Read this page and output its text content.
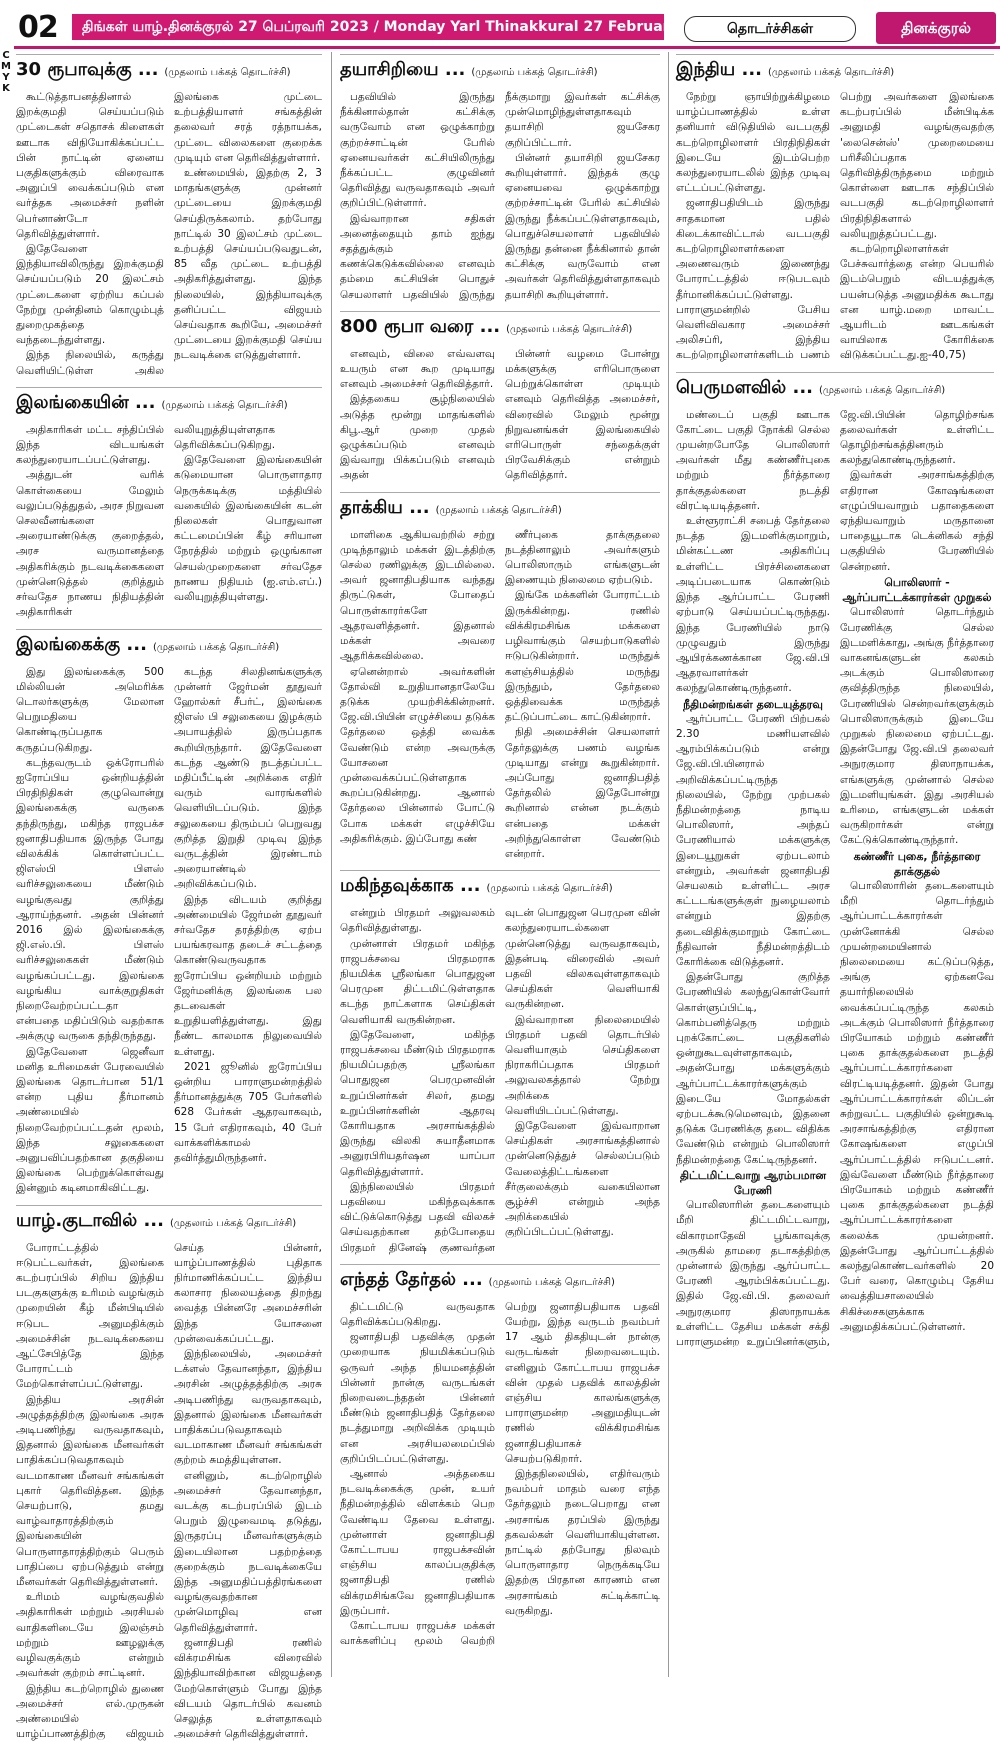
C
M
Y
K
02	திங்கள் யாழ்.தினக்குரல் 27 பெப்ரவரி 2023 / Monday Yarl Thinakkural 27 February 2023 தொடர்ச்சிகள்	தினக்குரல்
30 ரூபாவுக்கு ... (முதலாம் பக்கத் தொடர்ச்சி)

கூட்டுத்தாபனத்தினால் இறக்குமதி செய்யப்படும் முட்டைகள் சதொசக் கிளைகள் ஊடாக விநியோகிக்கப்பட்ட பின் நாட்டின் ஏனைய பகுதிகளுக்கும் விரைவாக அனுப்பி வைக்கப்படும் என வர்த்தக அமைச்சர் நளின் பெர்னாண்டோ தெரிவித்துள்ளார்.

இதேவேளை இந்தியாவிலிருந்து இறக்குமதி செய்யப்படும் 20 இலட்சம் முட்டைகளை ஏற்றிய கப்பல் நேற்று முன்தினம் கொழும்புத் துறைமுகத்தை வந்தடைந்துள்ளது.

இந்த நிலையில், கருத்து வெளியிட்டுள்ள அகில இலங்கை முட்டை உற்பத்தியாளர் சங்கத்தின் தலைவர் சரத் ரத்நாயக்க, முட்டை விலைகளை குறைக்க முடியும் என தெரிவித்துள்ளார்.

உண்மையில், இதற்கு 2, 3 மாதங்களுக்கு முன்னர் முட்டையை இறக்குமதி செய்திருக்கலாம். தற்போது நாட்டில் 30 இலட்சம் முட்டை உற்பத்தி செய்யப்படுவதுடன், 85 வீத முட்டை உற்பத்தி அதிகரித்துள்ளது. இந்த நிலையில், இந்தியாவுக்கு தனிப்பட்ட விஜயம் செய்வதாக கூறியே, அமைச்சர் முட்டையை இறக்குமதி செய்ய நடவடிக்கை எடுத்துள்ளார்.

இலங்கையின் ... (முதலாம் பக்கத் தொடர்ச்சி)

அதிகாரிகள் மட்ட சந்திப்பில் இந்த விடயங்கள் கலந்துரையாடப்பட்டுள்ளது.

அத்துடன் வரிக் கொள்கையை மேலும் வலுப்படுத்துதல், அரச நிறுவன செலவீனங்களை அரையாண்டுக்கு குறைத்தல், அரச வருமானத்தை அதிகரிக்கும் நடவடிக்கைகளை முன்னெடுத்தல் குறித்தும் சர்வதேச நாணய நிதியத்தின் அதிகாரிகள் வலியுறுத்தியுள்ளதாக தெரிவிக்கப்படுகிறது.

இதேவேளை இலங்கையின் கடுமையான பொருளாதார நெருக்கடிக்கு மத்தியில் வகையில் இலங்கையின் கடன் நிலைகள் பொதுவான கட்டமைப்பின் கீழ் சரியான நேரத்தில் மற்றும் ஒழுங்கான செயல்முறைகளை சர்வதேச நாணய நிதியம் (ஐ.எம்.எப்.) வலியுறுத்தியுள்ளது.

இலங்கைக்கு ... (முதலாம் பக்கத் தொடர்ச்சி)

இது இலங்கைக்கு 500 மில்லியன் அமெரிக்க டொலர்களுக்கு மேலான பெறுமதியை கொண்டிருப்பதாக கருதப்படுகிறது.

கடந்தவருடம் ஒக்ரோபரில் ஐரோப்பிய ஒன்றியத்தின் பிரதிநிதிகள் குழுவொன்று இலங்கைக்கு வருகை தந்திருந்து, மகிந்த ராஜபக்ச ஜனாதிபதியாக இருந்த போது விலக்கிக் கொள்ளப்பட்ட ஜிஎஸ்பி பிளஸ் வரிச்சலுகையை மீண்டும் வழங்குவது குறித்து ஆராய்ந்தனர். அதன் பின்னர் 2016 இல் இலங்கைக்கு ஜி.எஸ்.பி. பிளஸ் வரிச்சலுகைகள் மீண்டும் வழங்கப்பட்டது. இலங்கை வழங்கிய வாக்குறுதிகள் நிறைவேற்றப்பட்டதா என்பதை மதிப்பிடும் வதற்காக அக்குழு வருகை தந்திருந்தது.

இதேவேளை ஜெனீவா மனித உரிமைகள் பேரவையில் இலங்கை தொடர்பான 51/1 என்ற புதிய தீர்மானம் அண்மையில் நிறைவேற்றப்பட்டதன் மூலம், இந்த சலுகைகளை அனுபவிப்பதற்கான தகுதியை இலங்கை பெற்றுக்கொள்வது இன்னும் கடினமாகிவிட்டது.

கடந்த சிலதினங்களுக்கு முன்னர் ஜேர்மன் தூதுவர் ஹோல்கர் சீபர்ட், இலங்கை ஜிஎஸ் பி சலுகையை இழக்கும் அபாயத்தில் இருப்பதாக கூறியிருந்தார். இதேவேளை கடந்த ஆண்டு நடத்தப்பட்ட மதிப்பீட்டின் அறிக்கை எதிர் வரும் வாரங்களில் வெளியிடப்படும். இந்த சலுகையை திரும்பப் பெறுவது குறித்த இறுதி முடிவு இந்த வருடத்தின் இரண்டாம் அரையாண்டில் அறிவிக்கப்படும்.

இந்த விடயம் குறித்து அண்மையில் ஜேர்மன் தூதுவர் சர்வதேச தரத்திற்கு ஏற்ப பயங்கரவாத தடைச் சட்டத்தை கொண்டுவருவதாக ஐரோப்பிய ஒன்றியம் மற்றும் ஜேர்மனிக்கு இலங்கை பல தடவைகள் உறுதியளித்துள்ளது. இது நீண்ட காலமாக நிலுவையில் உள்ளது.

2021 ஜூனில் ஐரோப்பிய ஒன்றிய பாராளுமன்றத்தில் தீர்மானத்துக்கு 705 பேர்களில் 628 பேர்கள் ஆதரவாகவும், 15 பேர் எதிராகவும், 40 பேர் வாக்களிக்காமல் தவிர்த்துமிருந்தனர்.

யாழ்.குடாவில் ... (முதலாம் பக்கத் தொடர்ச்சி)

போராட்டத்தில் ஈடுபட்டவர்கள், இலங்கை கடற்பரப்பில் சிறிய இந்திய படகுகளுக்கு உரிமம் வழங்கும் முறையின் கீழ் மீன்பிடியில் ஈடுபட அனுமதிக்கும் அமைச்சின் நடவடிக்கையை ஆட்சேபித்தே இந்த போராட்டம் மேற்கொள்ளப்பட்டுள்ளது.

இந்திய அரசின் அழுத்தத்திற்கு இலங்கை அரசு அடிபணிந்து வருவதாகவும், இதனால் இலங்கை மீனவர்கள் பாதிக்கப்படுவதாகவும் வடமாகாண மீனவர் சங்கங்கள் புகார் தெரிவித்தன. இந்த செயற்பாடு, தமது வாழ்வாதாரத்திற்கும் இலங்கையின் பொருளாதாரத்திற்கும் பெரும் பாதிப்பை ஏற்படுத்தும் என்று மீனவர்கள் தெரிவித்துள்ளனர்.

உரிமம் வழங்குவதில் அதிகாரிகள் மற்றும் அரசியல் வாதிகளிடையே இலஞ்சம் மற்றும் ஊழலுக்கு வழிவகுக்கும் என்றும் அவர்கள் குற்றம் சாட்டினர்.

இந்திய கடற்றொழில் துணை அமைச்சர் எல்.முருகன் அண்மையில் யாழ்ப்பாணத்திற்கு விஜயம் செய்த பின்னர், யாழ்ப்பாணத்தில் புதிதாக நிர்மாணிக்கப்பட்ட இந்திய கலாசார நிலையத்தை திறந்து வைத்த பின்னரே அமைச்சரின் இந்த யோசனை முன்வைக்கப்பட்டது.

இந்நிலையில், அமைச்சர் டக்ளஸ் தேவானந்தா, இந்திய அரசின் அழுத்தத்திற்கு அரசு அடிபணிந்து வருவதாகவும், இதனால் இலங்கை மீனவர்கள் பாதிக்கப்படுவதாகவும் வடமாகாண மீனவர் சங்கங்கள் குற்றம் சுமத்தியுள்ளன.

எனினும், கடற்றொழில் அமைச்சர் தேவானந்தா, வடக்கு கடற்பரப்பில் இடம் பெறும் இழுவைமடி தடுத்து, இருதரப்பு மீனவர்களுக்கும் இடையிலான பதற்றத்தை குறைக்கும் நடவடிக்கையே இந்த அனுமதிப்பத்திரங்களை வழங்குவதற்கான முன்மொழிவு என தெரிவித்துள்ளார்.

ஜனாதிபதி ரணில் விக்ரமசிங்க விரைவில் இந்தியாவிற்கான விஜயத்தை மேற்கொள்ளும் போது இந்த விடயம் தொடர்பில் கவனம் செலுத்த உள்ளதாகவும் அமைச்சர் தெரிவித்துள்ளார்.

தயாசிறியை ... (முதலாம் பக்கத் தொடர்ச்சி)

பதவியில் இருந்து நீக்கினால்தான் கட்சிக்கு வருவோம் என ஒழுக்காற்று குற்றச்சாட்டின் பேரில் ஏனையவர்கள் கட்சியிலிருந்து நீக்கப்பட்ட குழுவினர் தெரிவித்து வருவதாகவும் அவர் குறிப்பிட்டுள்ளார்.

இவ்வாறான சதிகள் அனைத்தையும் தாம் ஐந்து சதத்துக்கும் கணக்கெடுக்கவில்லை எனவும் தம்மை கட்சியின் பொதுச் செயலாளர் பதவியில் இருந்து நீக்குமாறு இவர்கள் கட்சிக்கு முன்மொழிந்துள்ளதாகவும் தயாசிறி ஜயசேகர குறிப்பிட்டார்.

பின்னர் தயாசிறி ஜயசேகர கூறியுள்ளார். இந்தக் குழு ஏனையவை ஒழுக்காற்று குற்றச்சாட்டின் பேரில் கட்சியில் இருந்து நீக்கப்பட்டுள்ளதாகவும், பொதுச்செயலாளர் பதவியில் இருந்து தன்னை நீக்கினால் தான் கட்சிக்கு வருவோம் என அவர்கள் தெரிவித்துள்ளதாகவும் தயாசிறி கூறியுள்ளார்.

800 ரூபா வரை ... (முதலாம் பக்கத் தொடர்ச்சி)

எனவும், விலை எவ்வளவு உயரும் என கூற முடியாது எனவும் அமைச்சர் தெரிவித்தார்.

இத்தகைய சூழ்நிலையில் அடுத்த மூன்று மாதங்களில் கிபூ.ஆர் முறை முதல் ஒழுக்கப்படும் எனவும் இவ்வாறு பிக்கப்படும் எனவும் அதன்

பின்னர் வழமை போன்று மக்களுக்கு எரிபொருளை பெற்றுக்கொள்ள முடியும் எனவும் தெரிவித்த அமைச்சர், விரைவில் மேலும் மூன்று நிறுவனங்கள் இலங்கையில் எரிபொருள் சந்தைக்குள் பிரவேசிக்கும் என்றும் தெரிவித்தார்.

தாக்கிய ... (முதலாம் பக்கத் தொடர்ச்சி)

மாளிகை ஆகியவற்றில் சற்று முடிந்தாலும் மக்கள் இடத்திற்கு செல்ல ரணிலுக்கு இடமில்லை. அவர் ஜனாதிபதியாக வந்தது திருட்டுகள், போதைப் பொருள்காரர்களே ஆதரவளித்தனர். இதனால் மக்கள் அவரை ஆதரிக்கவில்லை.

ஏனென்றால் அவர்களின் தோல்வி உறுதியானதாலேயே தடுக்க முயற்சிக்கின்றனர். ஜே.வி.பியின் எழுச்சியை தடுக்க தேர்தலை ஒத்தி வைக்க வேண்டும் என்ற அவருக்கு யோசனை முன்வைக்கப்பட்டுள்ளதாக கூறப்படுகின்றது. ஆனால் தேர்தலை பின்னால் போட்டு போக மக்கள் எழுச்சியே அதிகரிக்கும். இப்போது கண்

ணீர்புகை தாக்குதலை நடத்தினாலும் அவர்களும் பொலிஸாரும் எங்களுடன் இணையும் நிலைமை ஏற்படும்.

இங்கே மக்களின் போராட்டம் இருக்கின்றது. ரணில் விக்கிரமசிங்க மக்களை பழிவாங்கும் செயற்பாடுகளில் ஈடுபடுகின்றார். மருந்துக் களஞ்சியத்தில் மருந்து இருந்தும், தேர்தலை ஒத்திவைக்க மருந்துத் தட்டுப்பாட்டை காட்டுகின்றார்.

நிதி அமைச்சின் செயலாளர் தேர்தலுக்கு பணம் வழங்க முடியாது என்று கூறுகின்றார். அப்போது ஜனாதிபதித் தேர்தலில் இதேபோன்று கூறினால் என்ன நடக்கும் என்பதை மக்கள் அறிந்துகொள்ள வேண்டும் என்றார்.

மகிந்தவுக்காக ... (முதலாம் பக்கத் தொடர்ச்சி)

என்றும் பிரதமர் அலுவலகம் தெரிவித்துள்ளது.

முன்னாள் பிரதமர் மகிந்த ராஜபக்சவை பிரதமராக நியமிக்க ஸ்ரீலங்கா பொதுஜன பெரமுன திட்டமிட்டுள்ளதாக கடந்த நாட்களாக செய்திகள் வெளியாகி வருகின்றன.

இதேவேளை, மகிந்த ராஜபக்சவை மீண்டும் பிரதமராக நியமிப்பதற்கு ஸ்ரீலங்கா பொதுஜன பெரமுனவின் உறுப்பினர்கள் சிலர், தமது உறுப்பினர்களின் ஆதரவு கோரியதாக அரசாங்கத்தில் இருந்து விலகி சுயாதீனமாக அனுரபிரியதர்ஷன யாப்பா தெரிவித்துள்ளார்.

இந்நிலையில் பிரதமர் பதவியை மகிந்தவுக்காக விட்டுக்கொடுத்து பதவி விலகச் செய்வதற்கான தற்போதைய பிரதமர் தினேஷ் குணவர்தன வுடன் பொதுஜன பெரமுன வின் கலந்துரையாடல்களை முன்னெடுத்து வருவதாகவும், இதன்படி விரைவில் அவர் பதவி விலகவுள்ளதாகவும் செய்திகள் வெளியாகி வருகின்றன.

இவ்வாறான நிலைமையில் பிரதமர் பதவி தொடர்பில் வெளியாகும் செய்திகளை நிராகரிப்பதாக பிரதமர் அலுவலகத்தால் நேற்று அறிக்கை வெளியிடப்பட்டுள்ளது.

இதேவேளை இவ்வாறான செய்திகள் அரசாங்கத்தினால் முன்னெடுத்துச் செல்லப்படும் வேலைத்திட்டங்களை சீர்குலைக்கும் வகையிலான சூழ்ச்சி என்றும் அந்த அறிக்கையில் குறிப்பிடப்பட்டுள்ளது.

எந்தத் தேர்தல் ... (முதலாம் பக்கத் தொடர்ச்சி)

திட்டமிட்டு வருவதாக தெரிவிக்கப்படுகிறது.

ஜனாதிபதி பதவிக்கு முதன் முறையாக நியமிக்கப்படும் ஒருவர் அந்த நியமனத்தின் பின்னர் நான்கு வருடங்கள் நிறைவடைந்ததன் பின்னர் மீண்டும் ஜனாதிபதித் தேர்தலை நடத்துமாறு அறிவிக்க முடியும் என அரசியலமைப்பில் குறிப்பிடப்பட்டுள்ளது.

ஆனால் அத்தகைய நடவடிக்கைக்கு முன், உயர் நீதிமன்றத்தில் விளக்கம் பெற வேண்டிய தேவை உள்ளது. முன்னாள் ஜனாதிபதி கோட்டாபய ராஜபக்சவின் எஞ்சிய காலப்பகுதிக்கு ஜனாதிபதி ரணில் விக்ரமசிங்கவே ஜனாதிபதியாக இருப்பார்.

கோட்டாபய ராஜபக்ச மக்கள் வாக்களிப்பு மூலம் வெற்றி பெற்று ஜனாதிபதியாக பதவி யேற்று, இந்த வருடம் நவம்பர் 17 ஆம் திகதியுடன் நான்கு வருடங்கள் நிறைவடையும். எனினும் கோட்டாபய ராஜபக்ச வின் முதல் பதவிக் காலத்தின் எஞ்சிய காலங்களுக்கு பாராளுமன்ற அனுமதியுடன் ரணில் விக்கிரமசிங்க ஜனாதிபதியாகச் செயற்படுகிறார்.

இந்தநிலையில், எதிர்வரும் நவம்பர் மாதம் வரை எந்த தேர்தலும் நடைபெறாது என அரசாங்க தரப்பில் இருந்து தகவல்கள் வெளியாகியுள்ளன. நாட்டில் தற்போது நிலவும் பொருளாதார நெருக்கடியே இதற்கு பிரதான காரணம் என அரசாங்கம் சுட்டிக்காட்டி வருகிறது.

இந்திய ... (முதலாம் பக்கத் தொடர்ச்சி)

நேற்று ஞாயிற்றுக்கிழமை யாழ்ப்பாணத்தில் உள்ள தனியார் விடுதியில் வடபகுதி கடற்றொழிலாளர் பிரதிநிதிகள் இடையே இடம்பெற்ற கலந்துரையாடலில் இந்த முடிவு எட்டப்பட்டுள்ளது.

ஜனாதிபதியிடம் இருந்து சாதகமான பதில் கிடைக்காவிட்டால் வடபகுதி கடற்றொழிலாளர்களை அணைவரும் இணைந்து போராட்டத்தில் ஈடுபடவும் தீர்மானிக்கப்பட்டுள்ளது. பாராளுமன்றில் பேசிய வெளிவிவகார அமைச்சர் அலிசப்ரி, இந்திய கடற்றொழிலாளர்களிடம் பணம் பெற்று அவர்களை இலங்கை கடற்பரப்பில் மீன்பிடிக்க அனுமதி வழங்குவதற்கு 'லைசென்ஸ்' முறைமையை பரிசீலிப்பதாக தெரிவித்திருந்தமை மற்றும் கொள்ளை ஊடாக சந்திப்பில் வடபகுதி கடற்றொழிலாளர் பிரதிநிதிகளால் வலியுறுத்தப்பட்டது.

கடற்றொழிலாளர்கள் பேச்சுவார்த்தை என்ற பெயரில் இடம்பெறும் விடயத்துக்கு பயன்படுத்த அனுமதிக்க கூடாது என யாழ்.மறை மாவட்ட ஆயரிடம் ஊடகங்கள் வாயிலாக கோரிக்கை விடுக்கப்பட்டது.ஐ-40,75)

பெருமளவில் ... (முதலாம் பக்கத் தொடர்ச்சி)

மண்டைப் பகுதி ஊடாக கோட்டை பகுதி நோக்கி செல்ல முயன்றபோதே பொலிஸார் அவர்கள் மீது கண்ணீர்புகை மற்றும் நீர்த்தாரை தாக்குதல்களை நடத்தி விரட்டியடித்தனர்.

உள்ளூராட்சி சபைத் தேர்தலை நடத்த இடமளிக்குமாறும், மின்கட்டண அதிகரிப்பு உள்ளிட்ட பிரச்சினைகளை அடிப்படையாக கொண்டும் இந்த ஆர்ப்பாட்ட பேரணி ஏற்பாடு செய்யப்பட்டிருந்தது. இந்த பேரணியில் நாடு முழுவதும் இருந்து ஆயிரக்கணக்கான ஜே.வி.பி ஆதரவாளர்கள் கலந்துகொண்டிருந்தனர்.

நீதிமன்றங்கள் தடையுத்தரவு

ஆர்ப்பாட்ட பேரணி பிற்பகல் 2.30 மணியளவில் ஆரம்பிக்கப்படும் என்று ஜே.வி.பி.யினரால் அறிவிக்கப்பட்டிருந்த நிலையில், நேற்று முற்பகல் நீதிமன்றத்தை நாடிய பொலிஸார், அந்தப் பேரணியால் மக்களுக்கு இடையூறுகள் ஏற்படலாம் என்றும், அவர்கள் ஜனாதிபதி செயலகம் உள்ளிட்ட அரச கட்டடங்களுக்குள் நுழையலாம் என்றும் இதற்கு தடைவிதிக்குமாறும் கோட்டை நீதிவான் நீதிமன்றத்திடம் கோரிக்கை விடுத்தனர்.

இதன்போது குறித்த பேரணியில் கலந்துகொள்வோர் கொள்ளுப்பிட்டி, கொம்பனித்தெரு மற்றும் புறக்கோட்டை பகுதிகளில் ஒன்றுகூடவுள்ளதாகவும், அதன்போது மக்களுக்கும் ஆர்ப்பாட்டக்காரர்களுக்கும் இடையே மோதல்கள் ஏற்படக்கூடுமெனவும், இதனை தடுக்க பேரணிக்கு தடை விதிக்க வேண்டும் என்றும் பொலிஸார் நீதிமன்றத்தை கேட்டிருந்தனர்.

திட்டமிட்டவாறு ஆரம்பமான பேரணி

பொலிஸாரின் தடைகளையும் மீறி திட்டமிட்டவாறு, விகாரமாதேவி பூங்காவுக்கு அருகில் தாமரை தடாகத்திற்கு முன்னால் இருந்து ஆர்ப்பாட்ட பேரணி ஆரம்பிக்கப்பட்டது. இதில் ஜே.வி.பி. தலைவர் அநுரகுமார திஸாநாயக்க உள்ளிட்ட தேசிய மக்கள் சக்தி பாராளுமன்ற உறுப்பினர்களும், ஜே.வி.பியின் தொழிற்சங்க தலைவர்கள் உள்ளிட்ட தொழிற்சங்கத்தினரும் கலந்துகொண்டிருந்தனர்.

இவர்கள் அரசாங்கத்திற்கு எதிரான கோஷங்களை எழுப்பியவாறும் பதாதைகளை ஏந்தியவாறும் மருதானை பாதையூடாக டெக்னிகல் சந்தி பகுதியில் பேரணியில் சென்றனர்.

பொலிஸார் - ஆர்ப்பாட்டக்காரர்கள் முறுகல்

பொலிஸார் தொடர்ந்தும் பேரணிக்கு செல்ல இடமளிக்காது, அங்கு நீர்த்தாரை வாகனங்களுடன் கலகம் அடக்கும் பொலிஸாரை குவித்திருந்த நிலையில், பேரணியில் சென்றவர்களுக்கும் பொலிஸாருக்கும் இடையே முறுகல் நிலைமை ஏற்பட்டது. இதன்போது ஜே.வி.பி தலைவர் அநுரகுமார திஸாநாயக்க, எங்களுக்கு முன்னால் செல்ல இடமளியுங்கள். இது அரசியல் உரிமை, எங்களுடன் மக்கள் வருகிறார்கள் என்று கேட்டுக்கொண்டிருந்தார்.

கண்ணீர் புகை, நீர்த்தாரை தாக்குதல்

பொலிஸாரின் தடைகளையும் மீறி தொடர்ந்தும் ஆர்ப்பாட்டக்காரர்கள் முன்னோக்கி செல்ல முயன்றமையினால் நிலைமையை கட்டுப்படுத்த, அங்கு ஏற்கனவே தயார்நிலையில் வைக்கப்பட்டிருந்த கலகம் அடக்கும் பொலிஸார் நீர்த்தாரை பிரயோகம் மற்றும் கண்ணீர் புகை தாக்குதல்களை நடத்தி ஆர்ப்பாட்டக்காரர்களை விரட்டியடித்தனர். இதன் போது ஆர்ப்பாட்டக்காரர்கள் லிப்டன் சுற்றுவட்ட பகுதியில் ஒன்றுகூடி அரசாங்கத்திற்கு எதிரான கோஷங்களை எழுப்பி ஆர்ப்பாட்டத்தில் ஈடுபட்டனர். இவ்வேளை மீண்டும் நீர்த்தாரை பிரயோகம் மற்றும் கண்ணீர் புகை தாக்குதல்களை நடத்தி ஆர்ப்பாட்டக்காரர்களை கலைக்க முயன்றனர். இதன்போது ஆர்ப்பாட்டத்தில் கலந்துகொண்டவர்களில் 20 பேர் வரை, கொழும்பு தேசிய வைத்தியசாலையில் சிகிச்சைகளுக்காக அனுமதிக்கப்பட்டுள்ளனர்.
